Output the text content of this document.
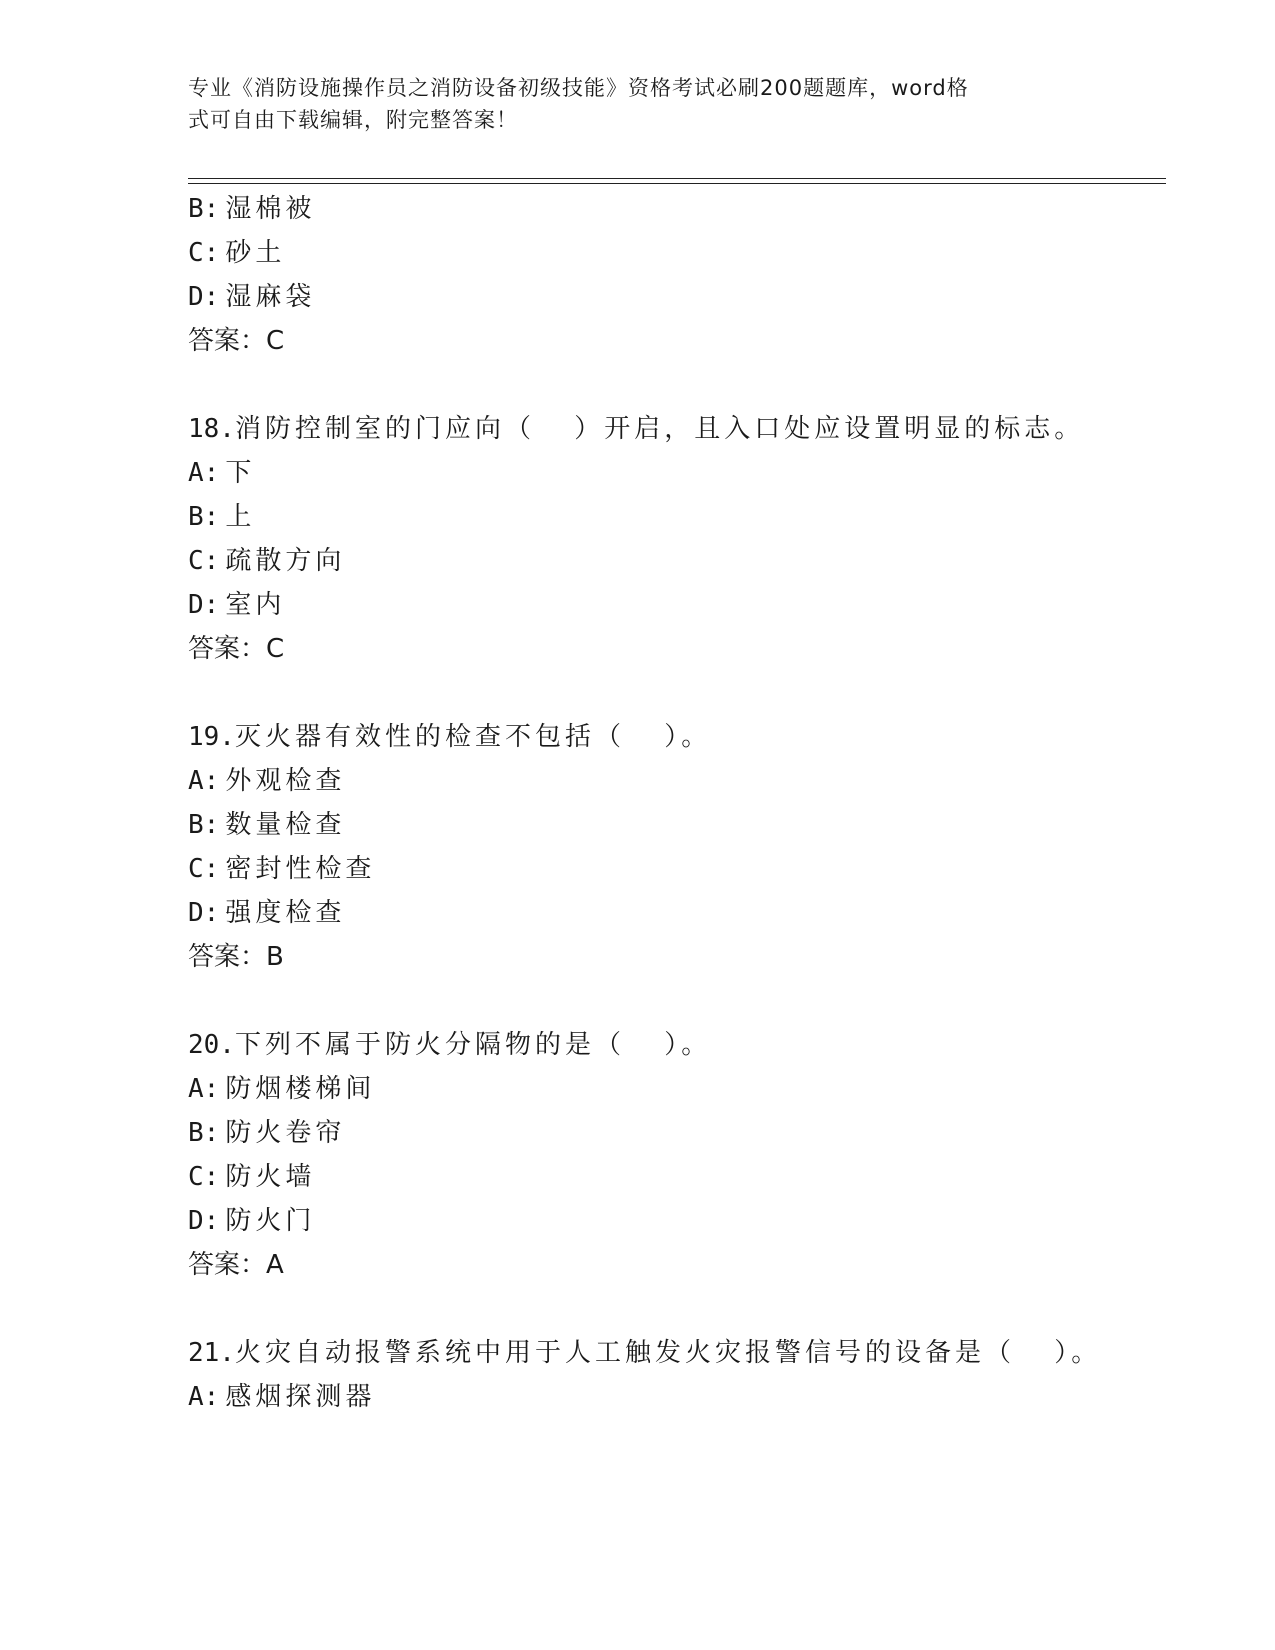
专业《消防设施操作员之消防设备初级技能》资格考试必刷200题题库，word格
式可自由下载编辑，附完整答案！
B: 湿棉被
C: 砂土
D: 湿麻袋
答案：C
18.消防控制室的门应向（  ）开启，且入口处应设置明显的标志。
A: 下
B: 上
C: 疏散方向
D: 室内
答案：C
19.灭火器有效性的检查不包括（  ）。
A: 外观检查
B: 数量检查
C: 密封性检查
D: 强度检查
答案：B
20.下列不属于防火分隔物的是（  ）。
A: 防烟楼梯间
B: 防火卷帘
C: 防火墙
D: 防火门
答案：A
21.火灾自动报警系统中用于人工触发火灾报警信号的设备是（  ）。
A: 感烟探测器
